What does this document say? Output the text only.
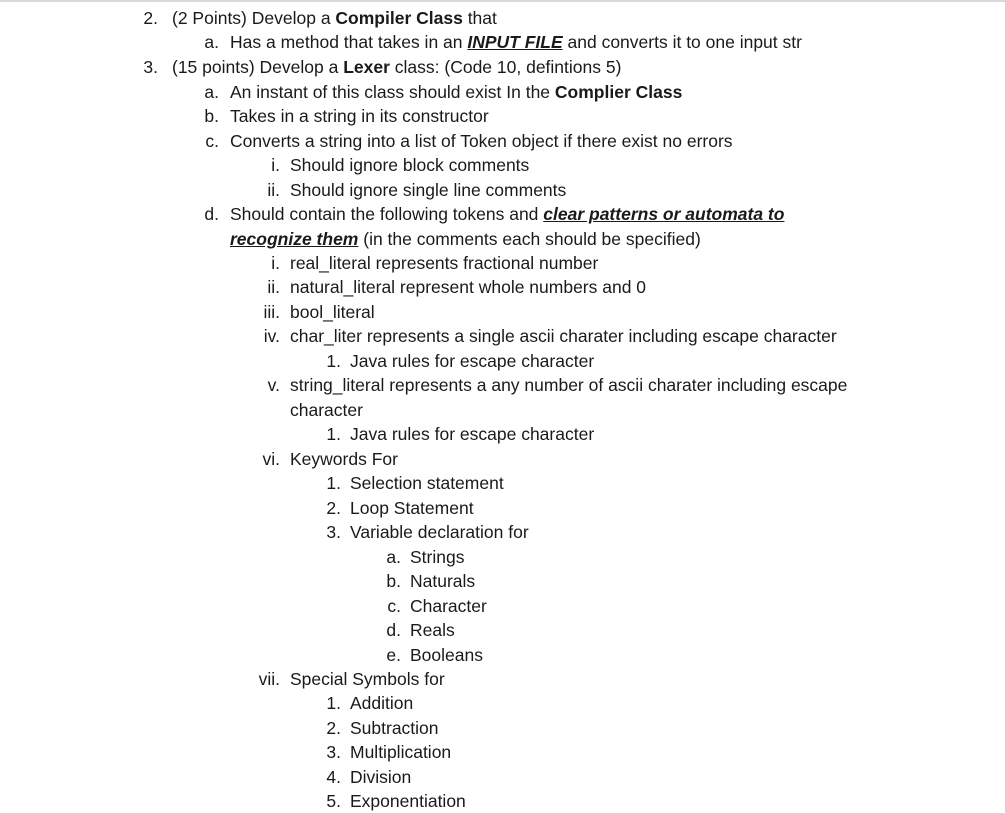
2. (2 Points) Develop a Compiler Class that
a. Has a method that takes in an INPUT FILE and converts it to one input str
3. (15 points) Develop a Lexer class: (Code 10, defintions 5)
a. An instant of this class should exist In the Complier Class
b. Takes in a string in its constructor
c. Converts a string into a list of Token object if there exist no errors
i. Should ignore block comments
ii. Should ignore single line comments
d. Should contain the following tokens and clear patterns or automata to
recognize them (in the comments each should be specified)
i. real_literal represents fractional number
ii. natural_literal represent whole numbers and 0
iii. bool_literal
iv. char_liter represents a single ascii charater including escape character
1. Java rules for escape character
v. string_literal represents a any number of ascii charater including escape
character
1. Java rules for escape character
vi. Keywords For
1. Selection statement
2. Loop Statement
3. Variable declaration for
a. Strings
b. Naturals
c. Character
d. Reals
e. Booleans
vii. Special Symbols for
1. Addition
2. Subtraction
3. Multiplication
4. Division
5. Exponentiation
